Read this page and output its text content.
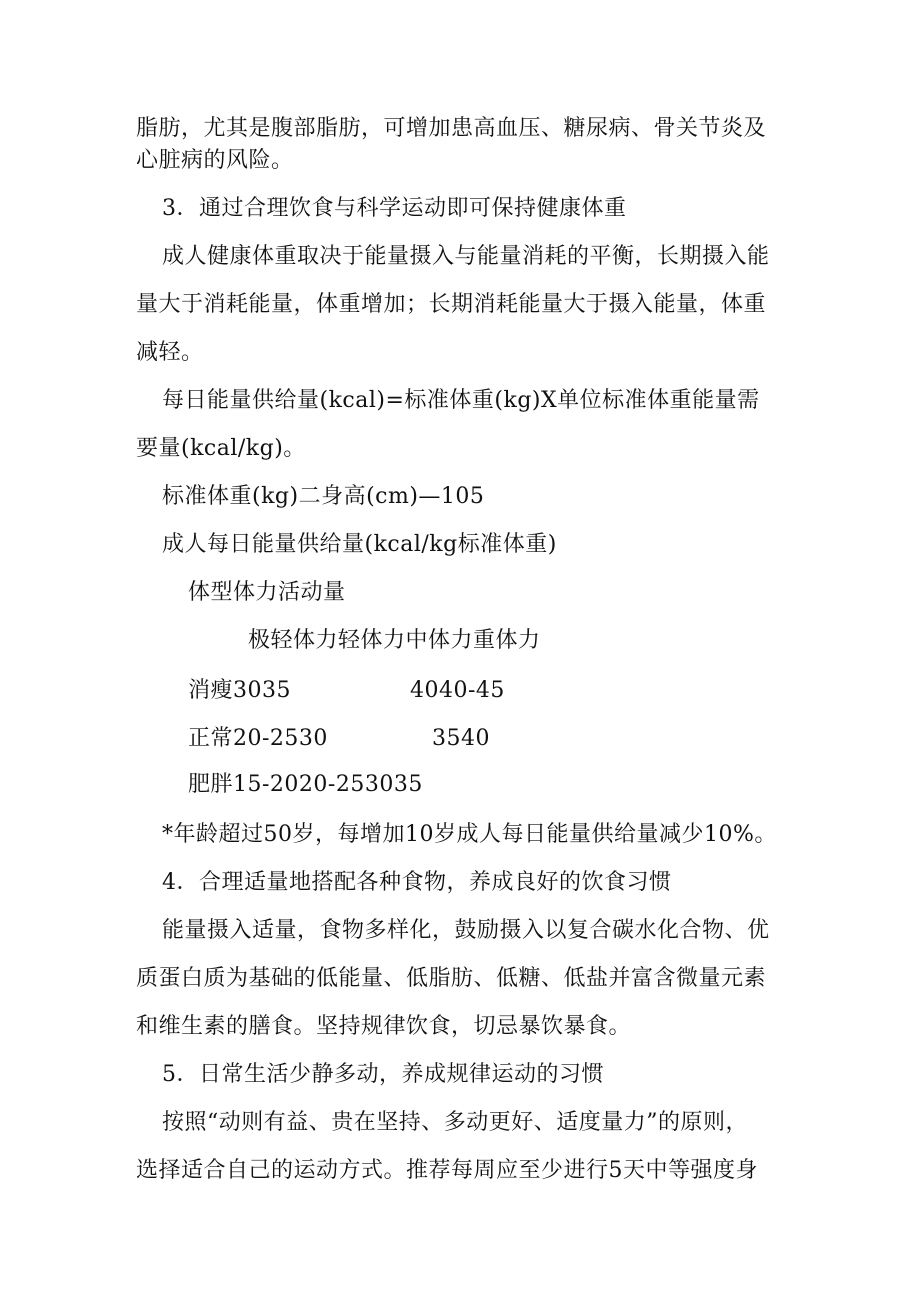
脂肪，尤其是腹部脂肪，可增加患高血压、糖尿病、骨关节炎及
心脏病的风险。
3．通过合理饮食与科学运动即可保持健康体重
成人健康体重取决于能量摄入与能量消耗的平衡，长期摄入能
量大于消耗能量，体重增加；长期消耗能量大于摄入能量，体重
减轻。
每日能量供给量(kcal)=标准体重(kg)X单位标准体重能量需
要量(kcal/kg)。
标准体重(kg)二身高(cm)—105
成人每日能量供给量(kcal/kg标准体重)
体型体力活动量
极轻体力轻体力中体力重体力
消瘦3035	4040-45
正常20-2530	3540
肥胖15-2020-253035
*年龄超过50岁，每增加10岁成人每日能量供给量减少10%。
4．合理适量地搭配各种食物，养成良好的饮食习惯
能量摄入适量，食物多样化，鼓励摄入以复合碳水化合物、优
质蛋白质为基础的低能量、低脂肪、低糖、低盐并富含微量元素
和维生素的膳食。坚持规律饮食，切忌暴饮暴食。
5．日常生活少静多动，养成规律运动的习惯
按照“动则有益、贵在坚持、多动更好、适度量力”的原则，
选择适合自己的运动方式。推荐每周应至少进行5天中等强度身
